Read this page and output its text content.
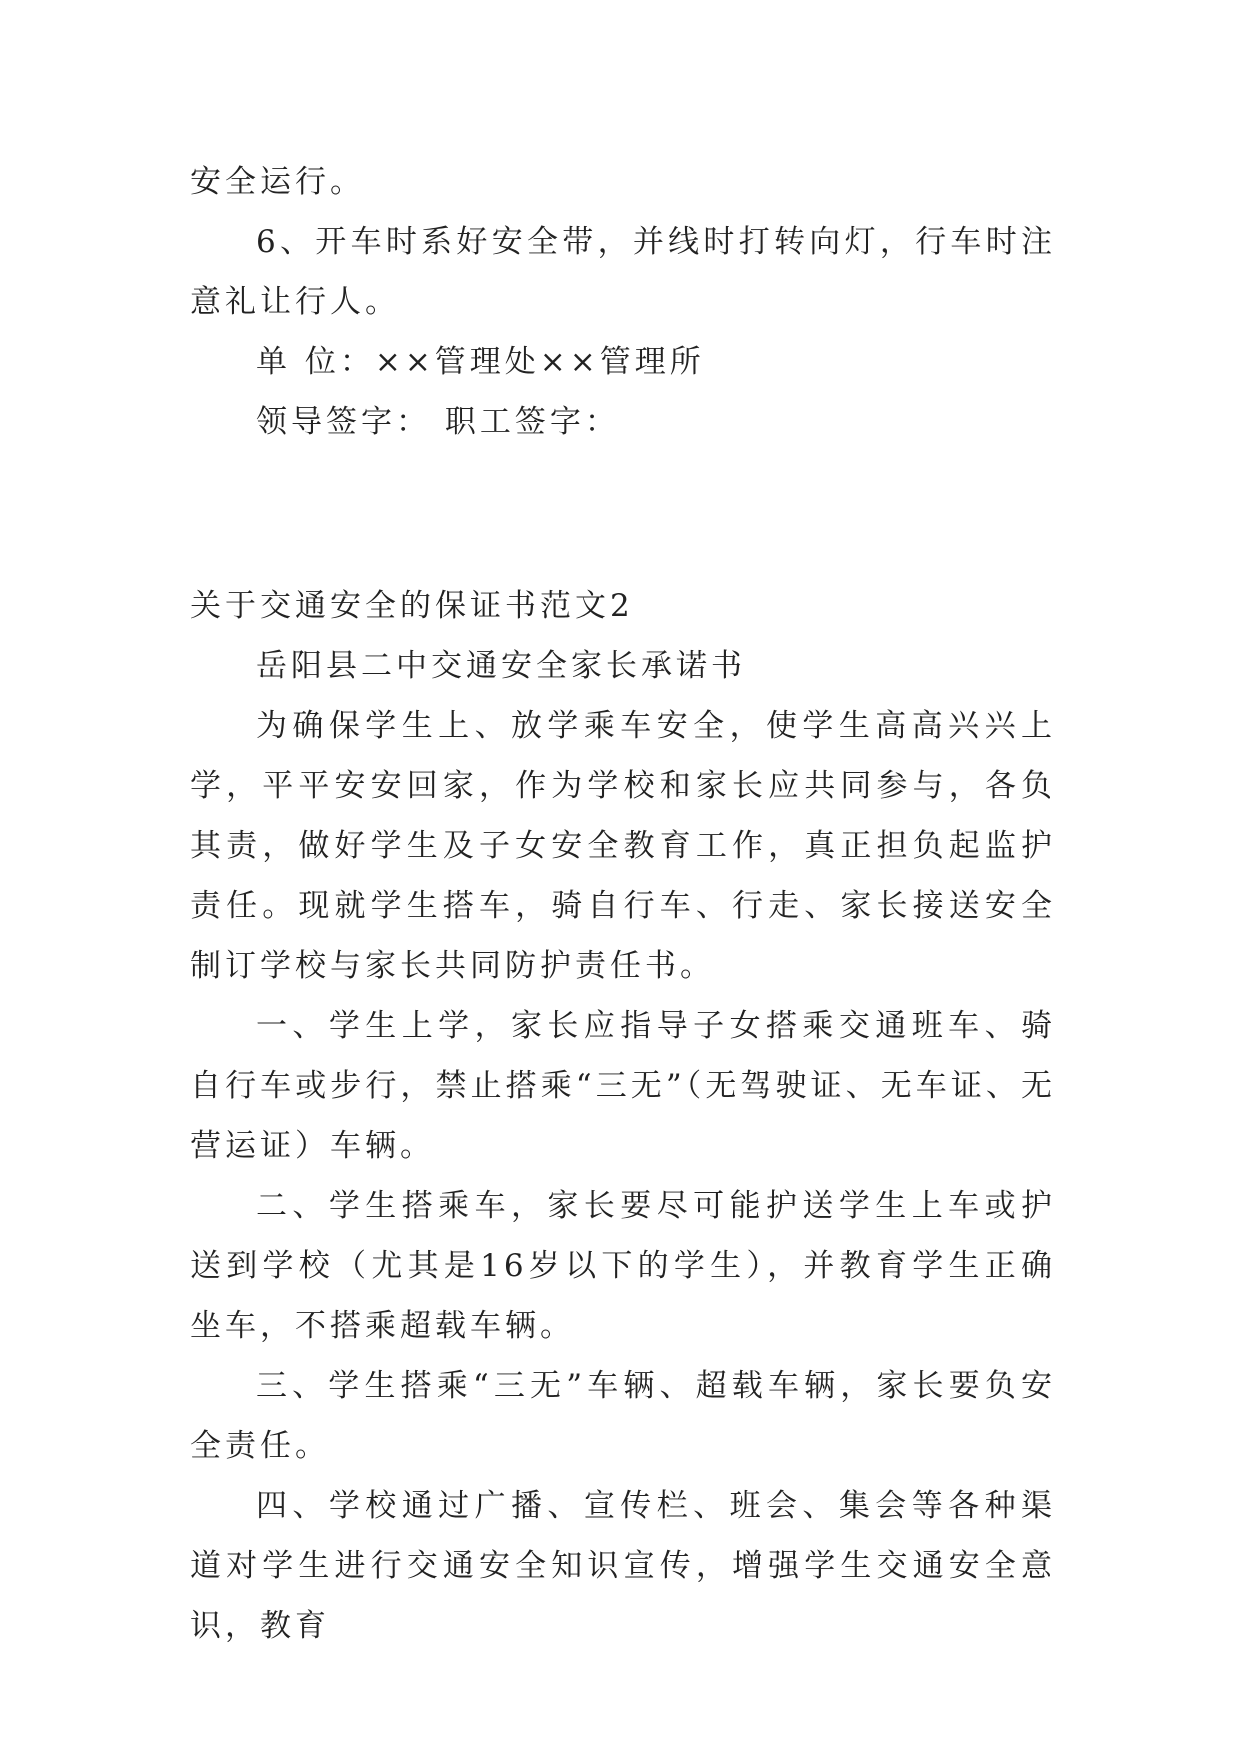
安全运行。

6、开车时系好安全带，并线时打转向灯，行车时注意礼让行人。

单 位：××管理处××管理所

领导签字： 职工签字：

关于交通安全的保证书范文2

岳阳县二中交通安全家长承诺书

为确保学生上、放学乘车安全，使学生高高兴兴上学，平平安安回家，作为学校和家长应共同参与，各负其责，做好学生及子女安全教育工作，真正担负起监护责任。现就学生搭车，骑自行车、行走、家长接送安全制订学校与家长共同防护责任书。

一、学生上学，家长应指导子女搭乘交通班车、骑自行车或步行，禁止搭乘“三无”（无驾驶证、无车证、无营运证）车辆。

二、学生搭乘车，家长要尽可能护送学生上车或护送到学校（尤其是16岁以下的学生），并教育学生正确坐车，不搭乘超载车辆。

三、学生搭乘“三无”车辆、超载车辆，家长要负安全责任。

四、学校通过广播、宣传栏、班会、集会等各种渠道对学生进行交通安全知识宣传，增强学生交通安全意识，教育
